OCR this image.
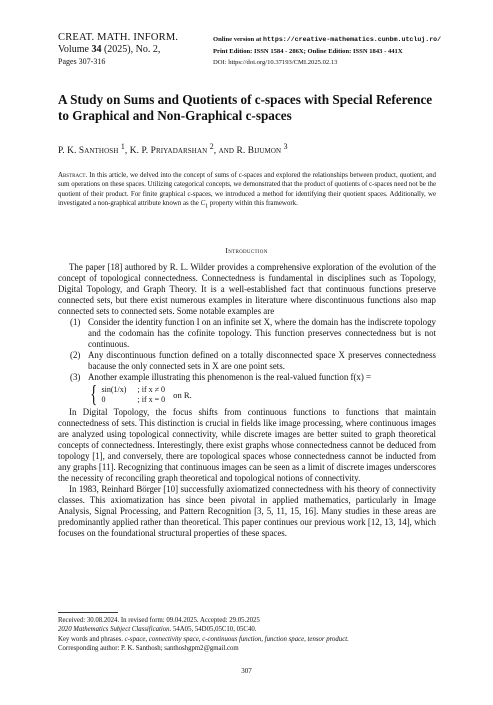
CREAT. MATH. INFORM.
Volume 34 (2025), No. 2,
Pages 307-316
Online version at https://creative-mathematics.cunbm.utcluj.ro/
Print Edition: ISSN 1584 - 286X; Online Edition: ISSN 1843 - 441X
DOI: https://doi.org/10.37193/CMI.2025.02.13
A Study on Sums and Quotients of c-spaces with Special Reference to Graphical and Non-Graphical c-spaces
P. K. Santhosh $^1$, K. P. Priyadarshan $^2$, and R. Bijumon $^3$
Abstract. In this article, we delved into the concept of sums of c-spaces and explored the relationships between product, quotient, and sum operations on these spaces. Utilizing categorical concepts, we demonstrated that the product of quotients of c-spaces need not be the quotient of their product. For finite graphical c-spaces, we introduced a method for identifying their quotient spaces. Additionally, we investigated a non-graphical attribute known as the $C_1$ property within this framework.
Introduction

The paper [18] authored by R. L. Wilder provides a comprehensive exploration of the evolution of the concept of topological connectedness. Connectedness is fundamental in disciplines such as Topology, Digital Topology, and Graph Theory. It is a well-established fact that continuous functions preserve connected sets, but there exist numerous examples in literature where discontinuous functions also map connected sets to connected sets. Some notable examples are

(1) Consider the identity function I on an infinite set X, where the domain has the indiscrete topology and the codomain has the cofinite topology. This function preserves connectedness but is not continuous.
(2) Any discontinuous function defined on a totally disconnected space X preserves connectedness bacause the only connected sets in X are one point sets.
(3) Another example illustrating this phenomenon is the real-valued function f(x) =
{ sin(1/x) ; if x ≠ 0
0	; if x = 0 on R.

In Digital Topology, the focus shifts from continuous functions to functions that maintain connectedness of sets. This distinction is crucial in fields like image processing, where continuous images are analyzed using topological connectivity, while discrete images are better suited to graph theoretical concepts of connectedness. Interestingly, there exist graphs whose connectedness cannot be deduced from topology [1], and conversely, there are topological spaces whose connectedness cannot be inducted from any graphs [11]. Recognizing that continuous images can be seen as a limit of discrete images underscores the necessity of reconciling graph theoretical and topological notions of connectivity.

In 1983, Reinhard Börger [10] successfully axiomatized connectedness with his theory of connectivity classes. This axiomatization has since been pivotal in applied mathematics, particularly in Image Analysis, Signal Processing, and Pattern Recognition [3, 5, 11, 15, 16]. Many studies in these areas are predominantly applied rather than theoretical. This paper continues our previous work [12, 13, 14], which focuses on the foundational structural properties of these spaces.

Received: 30.08.2024. In revised form: 09.04.2025. Accepted: 29.05.2025
2020 Mathematics Subject Classification. 54A05, 54D05,05C10, 05C40.
Key words and phrases. c-space, connectivity space, c-continuous function, function space, tensor product.
Corresponding author: P. K. Santhosh; santhoshgpm2@gmail.com
307
